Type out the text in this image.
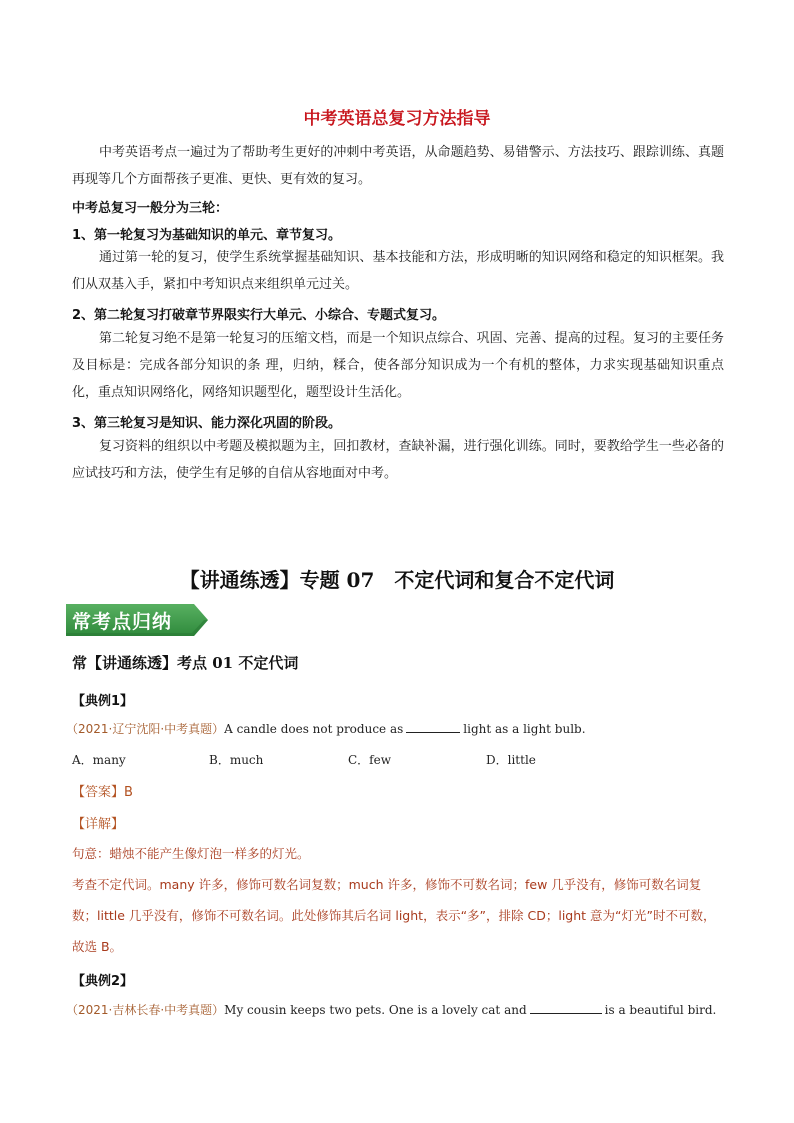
中考英语总复习方法指导
中考英语考点一遍过为了帮助考生更好的冲刺中考英语，从命题趋势、易错警示、方法技巧、跟踪训练、真题再现等几个方面帮孩子更准、更快、更有效的复习。
中考总复习一般分为三轮：
1、第一轮复习为基础知识的单元、章节复习。
通过第一轮的复习，使学生系统掌握基础知识、基本技能和方法，形成明晰的知识网络和稳定的知识框架。我们从双基入手，紧扣中考知识点来组织单元过关。
2、第二轮复习打破章节界限实行大单元、小综合、专题式复习。
第二轮复习绝不是第一轮复习的压缩文档，而是一个知识点综合、巩固、完善、提高的过程。复习的主要任务及目标是：完成各部分知识的条 理，归纳，糅合，使各部分知识成为一个有机的整体，力求实现基础知识重点化，重点知识网络化，网络知识题型化，题型设计生活化。
3、第三轮复习是知识、能力深化巩固的阶段。
复习资料的组织以中考题及模拟题为主，回扣教材，查缺补漏，进行强化训练。同时，要教给学生一些必备的应试技巧和方法，使学生有足够的自信从容地面对中考。
【讲通练透】专题 07　不定代词和复合不定代词
常考点归纳
常【讲通练透】考点 01 不定代词
【典例1】
（2021·辽宁沈阳·中考真题）A candle does not produce as	light as a light bulb.
A．many	B．much	C．few	D．little
【答案】B
【详解】
句意：蜡烛不能产生像灯泡一样多的灯光。
考查不定代词。many 许多，修饰可数名词复数；much 许多，修饰不可数名词；few 几乎没有，修饰可数名词复数；little 几乎没有，修饰不可数名词。此处修饰其后名词 light，表示“多”，排除 CD；light 意为“灯光”时不可数，故选 B。
【典例2】
（2021·吉林长春·中考真题）My cousin keeps two pets. One is a lovely cat and	is a beautiful bird.
